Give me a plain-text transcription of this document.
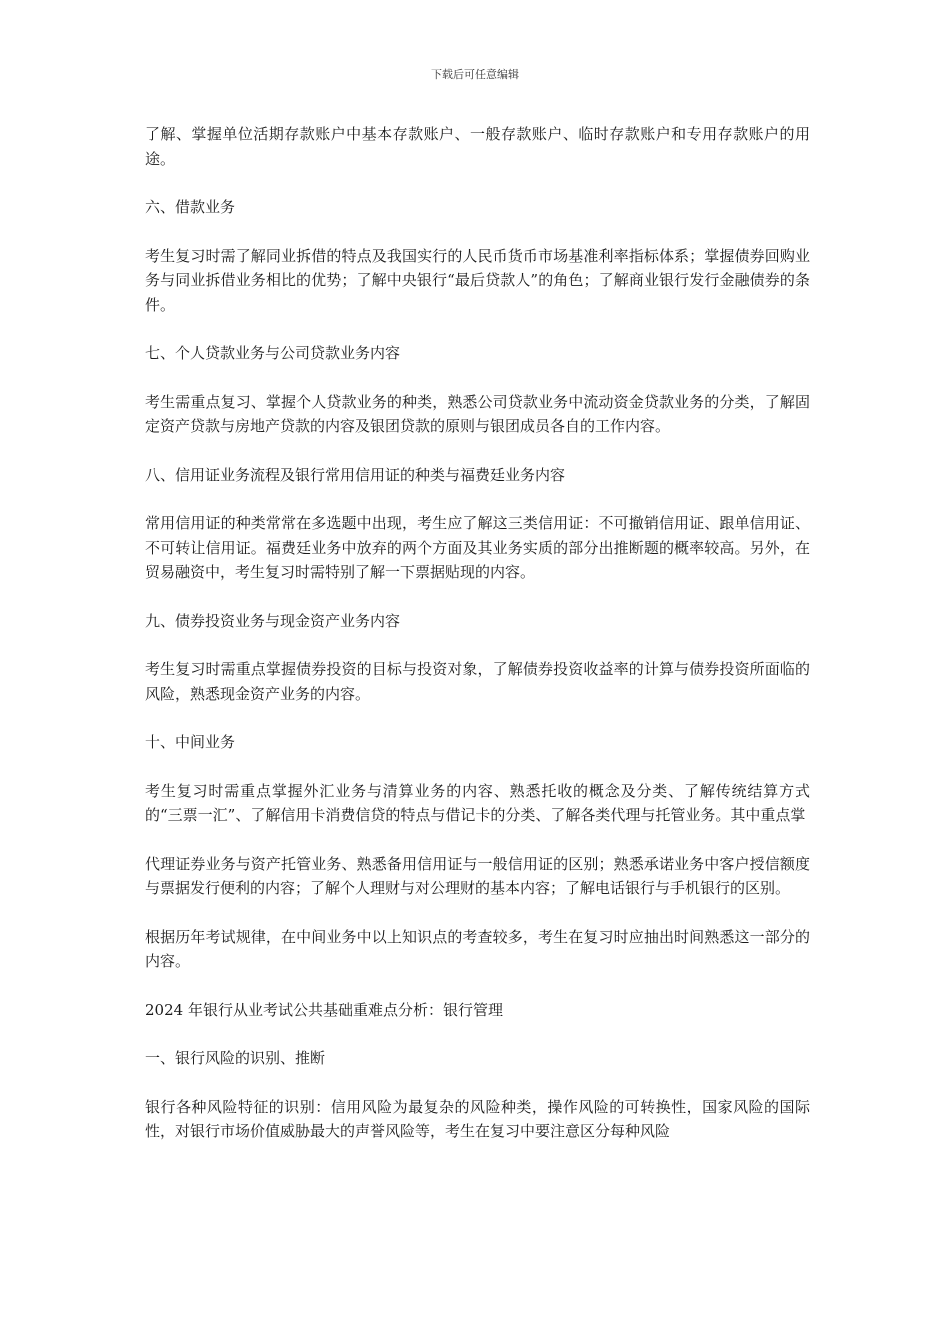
下载后可任意编辑

了解、掌握单位活期存款账户中基本存款账户、一般存款账户、临时存款账户和专用存款账户的用途。

六、借款业务

考生复习时需了解同业拆借的特点及我国实行的人民币货币市场基准利率指标体系；掌握债券回购业务与同业拆借业务相比的优势；了解中央银行“最后贷款人”的角色；了解商业银行发行金融债券的条件。

七、个人贷款业务与公司贷款业务内容

考生需重点复习、掌握个人贷款业务的种类，熟悉公司贷款业务中流动资金贷款业务的分类，了解固定资产贷款与房地产贷款的内容及银团贷款的原则与银团成员各自的工作内容。

八、信用证业务流程及银行常用信用证的种类与福费廷业务内容

常用信用证的种类常常在多选题中出现，考生应了解这三类信用证：不可撤销信用证、跟单信用证、不可转让信用证。福费廷业务中放弃的两个方面及其业务实质的部分出推断题的概率较高。另外，在贸易融资中，考生复习时需特别了解一下票据贴现的内容。

九、债券投资业务与现金资产业务内容

考生复习时需重点掌握债券投资的目标与投资对象，了解债券投资收益率的计算与债券投资所面临的风险，熟悉现金资产业务的内容。

十、中间业务

考生复习时需重点掌握外汇业务与清算业务的内容、熟悉托收的概念及分类、了解传统结算方式的“三票一汇”、了解信用卡消费信贷的特点与借记卡的分类、了解各类代理与托管业务。其中重点掌

代理证券业务与资产托管业务、熟悉备用信用证与一般信用证的区别；熟悉承诺业务中客户授信额度与票据发行便利的内容；了解个人理财与对公理财的基本内容；了解电话银行与手机银行的区别。

根据历年考试规律，在中间业务中以上知识点的考查较多，考生在复习时应抽出时间熟悉这一部分的内容。

2024 年银行从业考试公共基础重难点分析：银行管理

一、银行风险的识别、推断

银行各种风险特征的识别：信用风险为最复杂的风险种类，操作风险的可转换性，国家风险的国际性，对银行市场价值威胁最大的声誉风险等，考生在复习中要注意区分每种风险
